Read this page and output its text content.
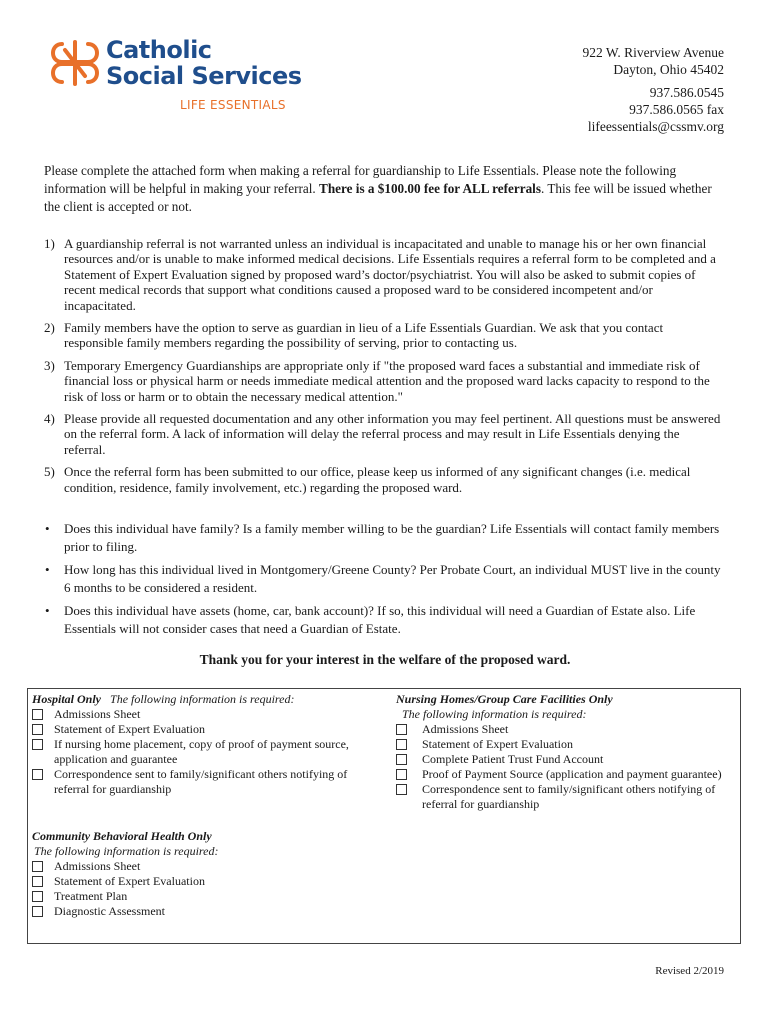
Catholic
Social Services
LIFE ESSENTIALS
922 W. Riverview Avenue
Dayton, Ohio 45402
937.586.0545
937.586.0565 fax
lifeessentials@cssmv.org
Please complete the attached form when making a referral for guardianship to Life Essentials. Please note the following information will be helpful in making your referral. There is a $100.00 fee for ALL referrals. This fee will be issued whether the client is accepted or not.
1) A guardianship referral is not warranted unless an individual is incapacitated and unable to manage his or her own financial resources and/or is unable to make informed medical decisions. Life Essentials requires a referral form to be completed and a Statement of Expert Evaluation signed by proposed ward’s doctor/psychiatrist. You will also be asked to submit copies of recent medical records that support what conditions caused a proposed ward to be considered incompetent and/or incapacitated.
2) Family members have the option to serve as guardian in lieu of a Life Essentials Guardian. We ask that you contact responsible family members regarding the possibility of serving, prior to contacting us.
3) Temporary Emergency Guardianships are appropriate only if "the proposed ward faces a substantial and immediate risk of financial loss or physical harm or needs immediate medical attention and the proposed ward lacks capacity to respond to the risk of loss or harm or to obtain the necessary medical attention."
4) Please provide all requested documentation and any other information you may feel pertinent. All questions must be answered on the referral form. A lack of information will delay the referral process and may result in Life Essentials denying the referral.
5) Once the referral form has been submitted to our office, please keep us informed of any significant changes (i.e. medical condition, residence, family involvement, etc.) regarding the proposed ward.
• Does this individual have family? Is a family member willing to be the guardian? Life Essentials will contact family members prior to filing.
• How long has this individual lived in Montgomery/Greene County? Per Probate Court, an individual MUST live in the county 6 months to be considered a resident.
• Does this individual have assets (home, car, bank account)? If so, this individual will need a Guardian of Estate also. Life Essentials will not consider cases that need a Guardian of Estate.
Thank you for your interest in the welfare of the proposed ward.
Hospital Only The following information is required:
Admissions Sheet
Statement of Expert Evaluation
If nursing home placement, copy of proof of payment source, application and guarantee
Correspondence sent to family/significant others notifying of referral for guardianship
Nursing Homes/Group Care Facilities Only
The following information is required:
Admissions Sheet
Statement of Expert Evaluation
Complete Patient Trust Fund Account
Proof of Payment Source (application and payment guarantee)
Correspondence sent to family/significant others notifying of referral for guardianship
Community Behavioral Health Only
The following information is required:
Admissions Sheet
Statement of Expert Evaluation
Treatment Plan
Diagnostic Assessment
Revised 2/2019
